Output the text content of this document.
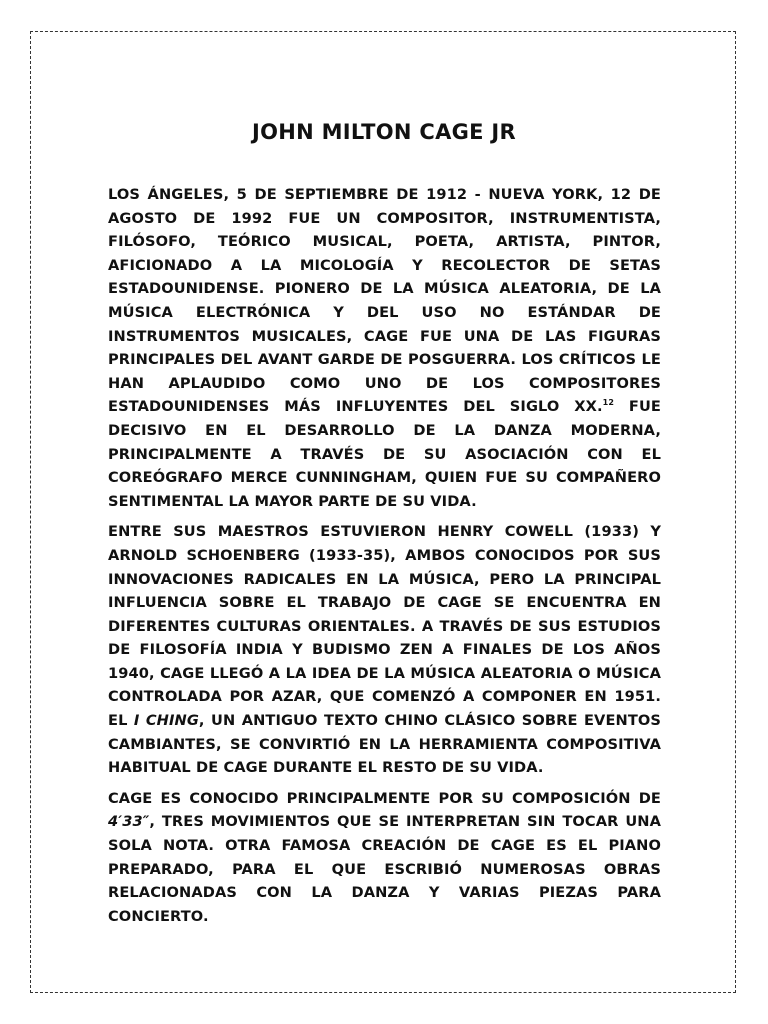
JOHN MILTON CAGE JR

LOS ÁNGELES, 5 DE SEPTIEMBRE DE 1912 - NUEVA YORK, 12 DE
AGOSTO DE 1992 FUE UN COMPOSITOR, INSTRUMENTISTA, FILÓSOFO, TEÓRICO MUSICAL, POETA, ARTISTA, PINTOR, AFICIONADO A LA MICOLOGÍA Y RECOLECTOR DE SETAS ESTADOUNIDENSE. PIONERO DE LA MÚSICA ALEATORIA, DE LA MÚSICA ELECTRÓNICA Y DEL USO NO ESTÁNDAR DE INSTRUMENTOS MUSICALES, CAGE FUE UNA DE LAS FIGURAS PRINCIPALES DEL AVANT GARDE DE POSGUERRA. LOS CRÍTICOS LE HAN APLAUDIDO COMO UNO DE LOS COMPOSITORES ESTADOUNIDENSES MÁS INFLUYENTES DEL SIGLO XX.$^{12}$ FUE DECISIVO EN EL DESARROLLO DE LA DANZA MODERNA, PRINCIPALMENTE A TRAVÉS DE SU ASOCIACIÓN CON EL COREÓGRAFO MERCE CUNNINGHAM, QUIEN FUE SU COMPAÑERO SENTIMENTAL LA MAYOR PARTE DE SU VIDA.

ENTRE SUS MAESTROS ESTUVIERON HENRY COWELL (1933) Y ARNOLD SCHOENBERG (1933-35), AMBOS CONOCIDOS POR SUS INNOVACIONES RADICALES EN LA MÚSICA, PERO LA PRINCIPAL INFLUENCIA SOBRE EL TRABAJO DE CAGE SE ENCUENTRA EN DIFERENTES CULTURAS ORIENTALES. A TRAVÉS DE SUS ESTUDIOS DE FILOSOFÍA INDIA Y BUDISMO ZEN A FINALES DE LOS AÑOS 1940, CAGE LLEGÓ A LA IDEA DE LA MÚSICA ALEATORIA O MÚSICA CONTROLADA POR AZAR, QUE COMENZÓ A COMPONER EN 1951. EL I CHING, UN ANTIGUO TEXTO CHINO CLÁSICO SOBRE EVENTOS CAMBIANTES, SE CONVIRTIÓ EN LA HERRAMIENTA COMPOSITIVA HABITUAL DE CAGE DURANTE EL RESTO DE SU VIDA.

CAGE ES CONOCIDO PRINCIPALMENTE POR SU COMPOSICIÓN DE 4′33″, TRES MOVIMIENTOS QUE SE INTERPRETAN SIN TOCAR UNA SOLA NOTA. OTRA FAMOSA CREACIÓN DE CAGE ES EL PIANO PREPARADO, PARA EL QUE ESCRIBIÓ NUMEROSAS OBRAS RELACIONADAS CON LA DANZA Y VARIAS PIEZAS PARA CONCIERTO.
